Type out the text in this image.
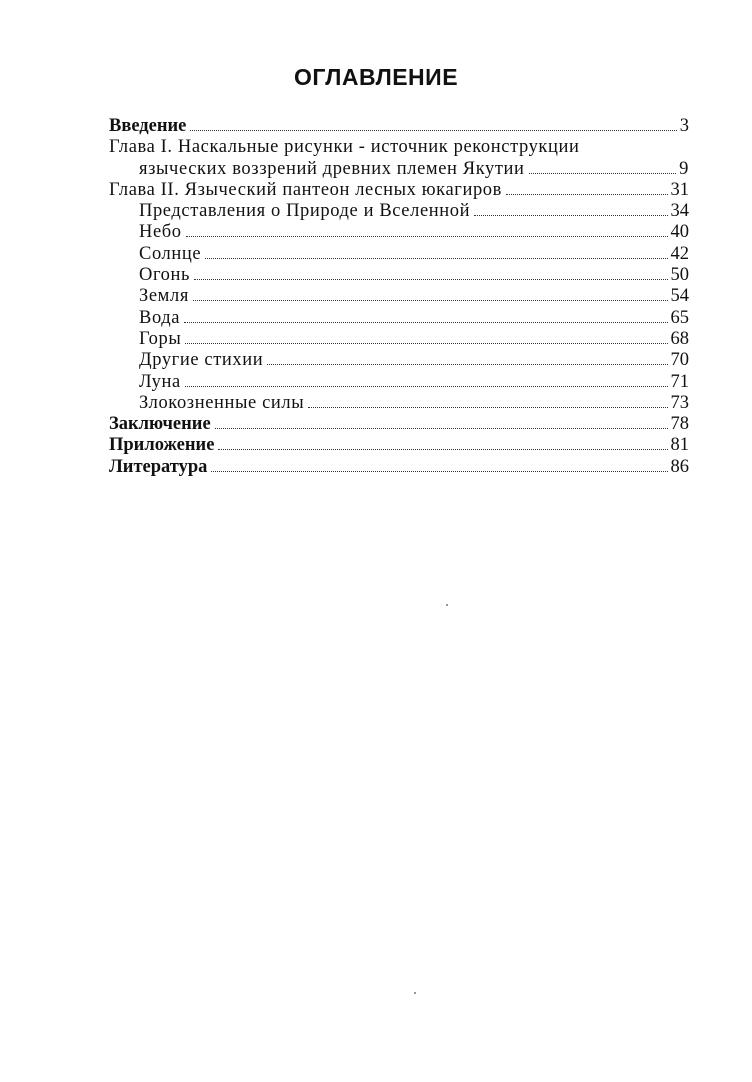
ОГЛАВЛЕНИЕ
Введение	3
Глава I. Наскальные рисунки - источник реконструкции
языческих воззрений древних племен Якутии	9
Глава II. Языческий пантеон лесных юкагиров	31
Представления о Природе и Вселенной	34
Небо	40
Солнце	42
Огонь	50
Земля	54
Вода	65
Горы	68
Другие стихии	70
Луна	71
Злокозненные силы	73
Заключение	78
Приложение	81
Литература	86
